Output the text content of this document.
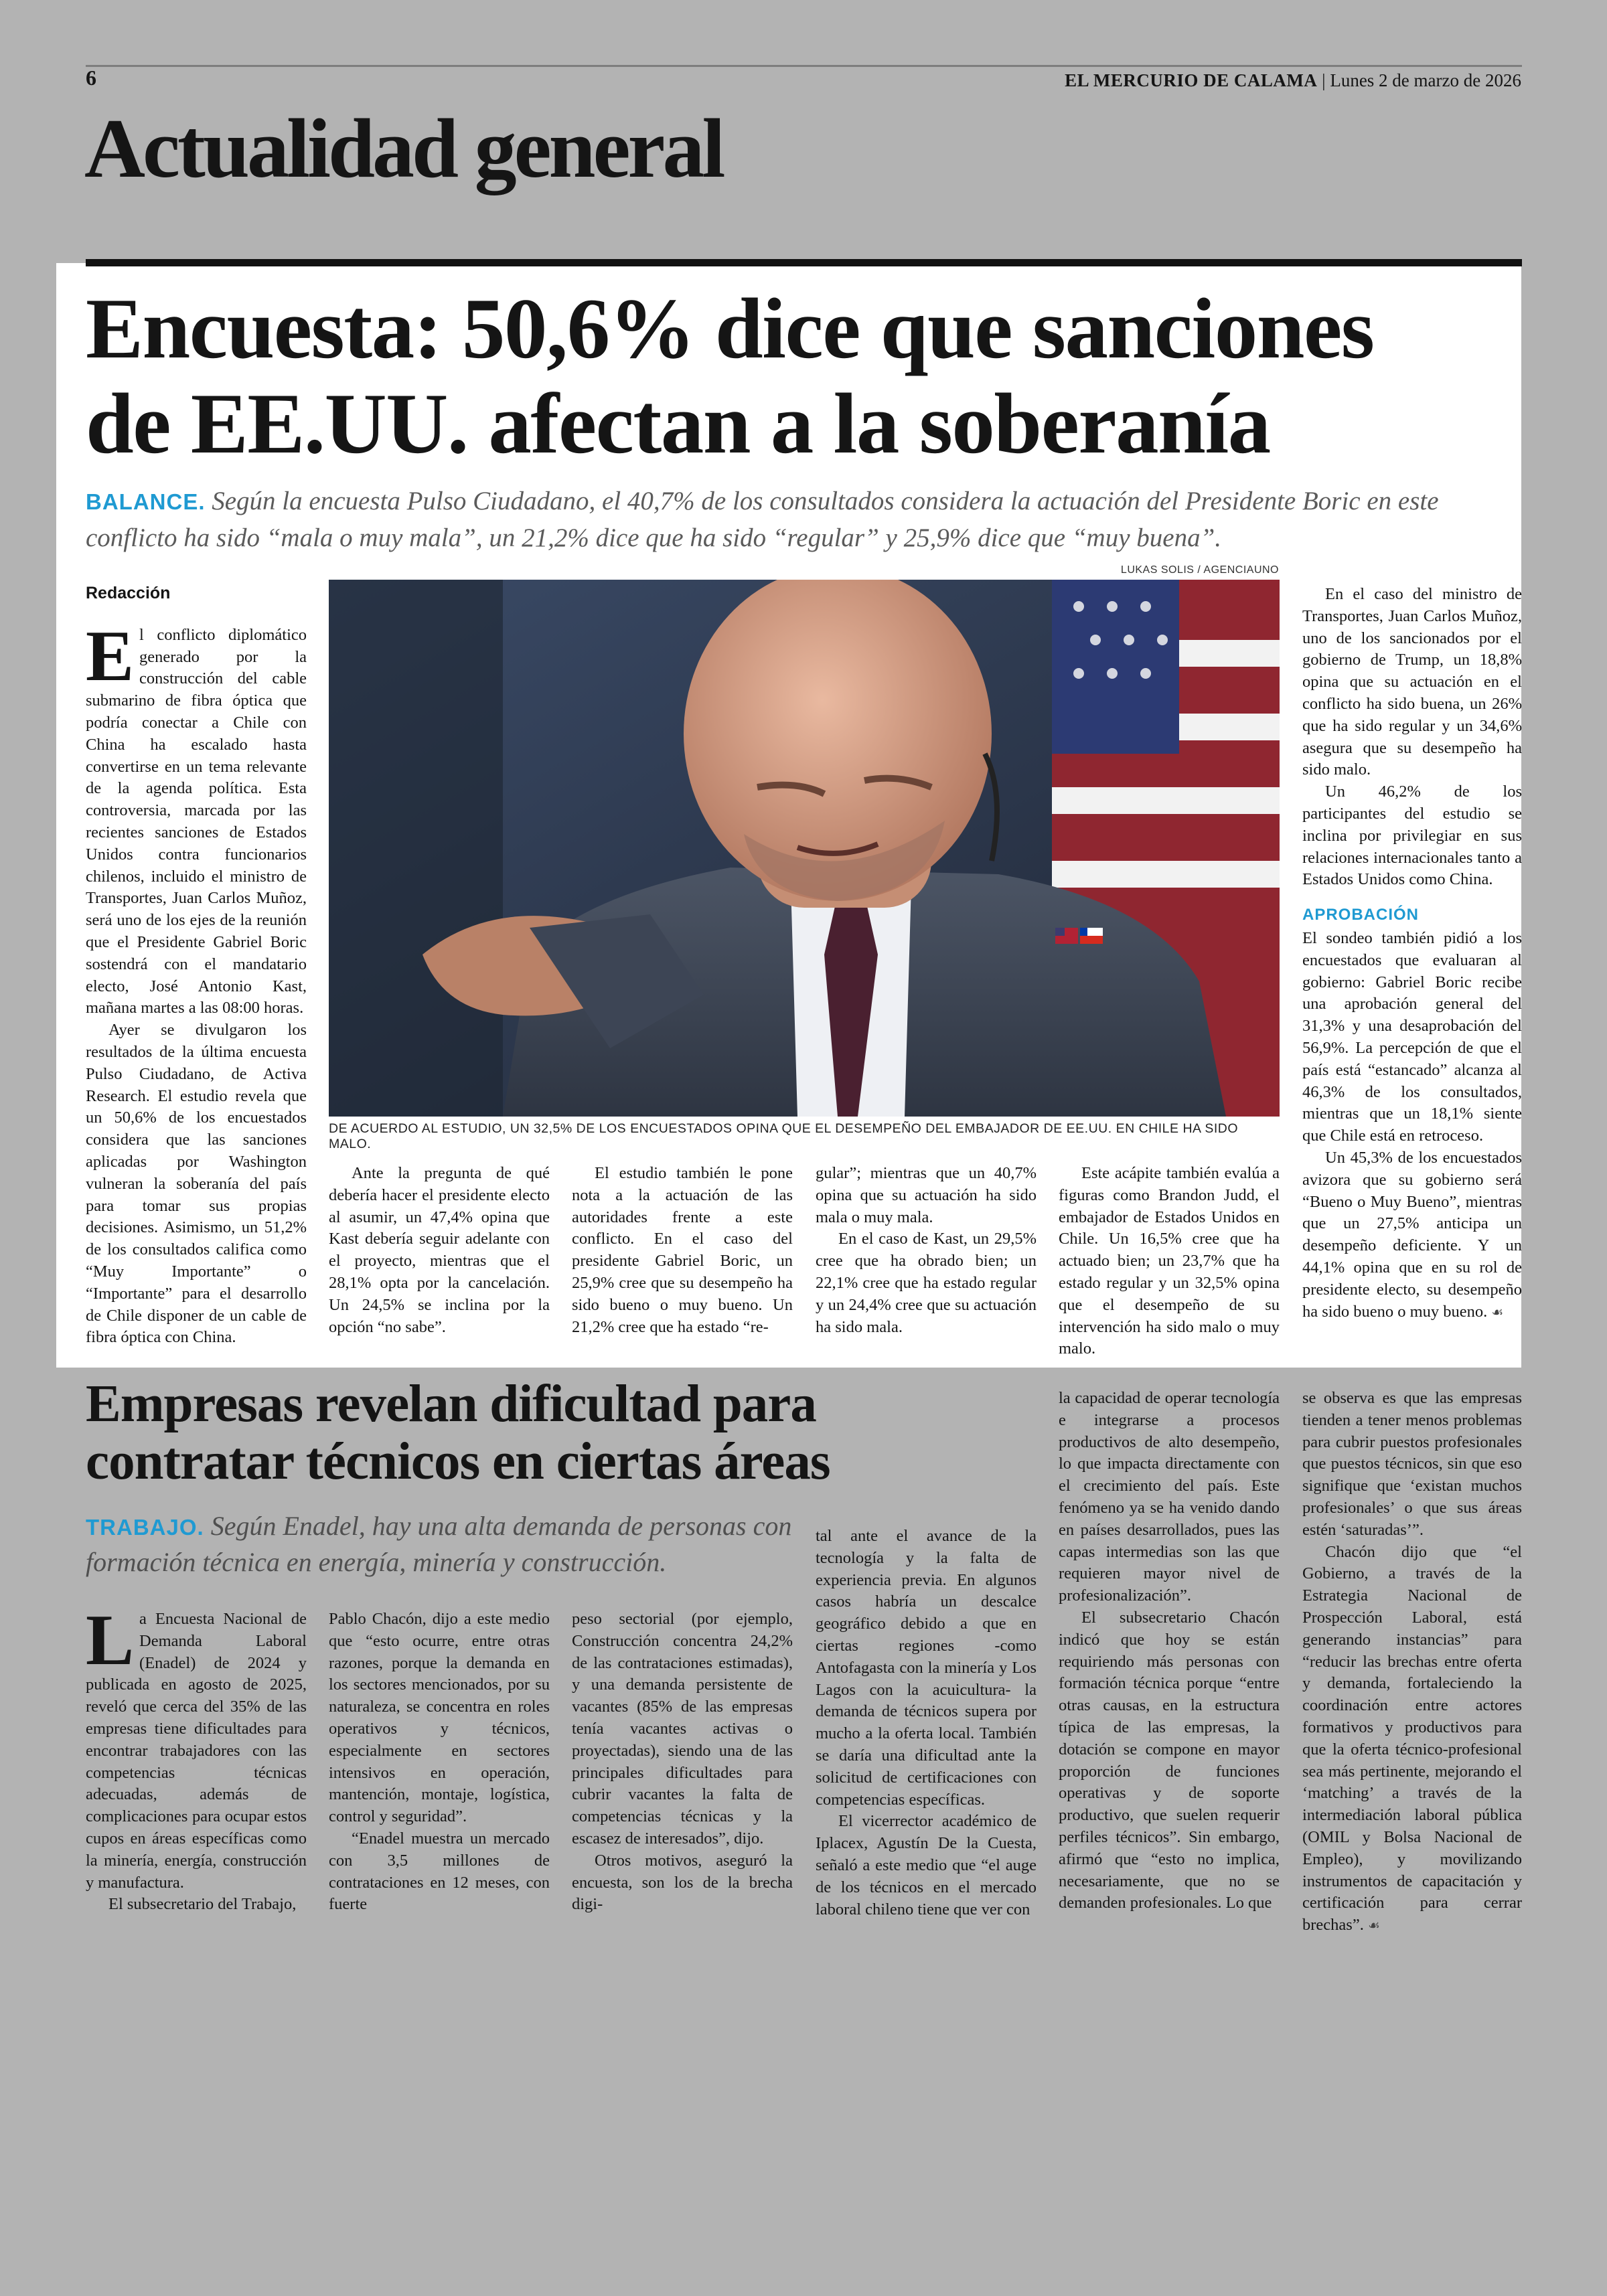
6	EL MERCURIO DE CALAMA | Lunes 2 de marzo de 2026
Actualidad general
Encuesta: 50,6% dice que sanciones
de EE.UU. afectan a la soberanía
BALANCE. Según la encuesta Pulso Ciudadano, el 40,7% de los consultados considera la actuación del Presidente Boric en este conflicto ha sido “mala o muy mala”, un 21,2% dice que ha sido “regular” y 25,9% dice que “muy buena”.
LUKAS SOLIS / AGENCIAUNO
DE ACUERDO AL ESTUDIO, UN 32,5% DE LOS ENCUESTADOS OPINA QUE EL DESEMPEÑO DEL EMBAJADOR DE EE.UU. EN CHILE HA SIDO MALO.
Redacción

El conflicto diplomático generado por la construcción del cable submarino de fibra óptica que podría conectar a Chile con China ha escalado hasta convertirse en un tema relevante de la agenda política. Esta controversia, marcada por las recientes sanciones de Estados Unidos contra funcionarios chilenos, incluido el ministro de Transportes, Juan Carlos Muñoz, será uno de los ejes de la reunión que el Presidente Gabriel Boric sostendrá con el mandatario electo, José Antonio Kast, mañana martes a las 08:00 horas.

Ayer se divulgaron los resultados de la última encuesta Pulso Ciudadano, de Activa Research. El estudio revela que un 50,6% de los encuestados considera que las sanciones aplicadas por Washington vulneran la soberanía del país para tomar sus propias decisiones. Asimismo, un 51,2% de los consultados califica como “Muy Importante” o “Importante” para el desarrollo de Chile disponer de un cable de fibra óptica con China.

Ante la pregunta de qué debería hacer el presidente electo al asumir, un 47,4% opina que Kast debería seguir adelante con el proyecto, mientras que el 28,1% opta por la cancelación. Un 24,5% se inclina por la opción “no sabe”.

El estudio también le pone nota a la actuación de las autoridades frente a este conflicto. En el caso del presidente Gabriel Boric, un 25,9% cree que su desempeño ha sido bueno o muy bueno. Un 21,2% cree que ha estado “re-

gular”; mientras que un 40,7% opina que su actuación ha sido mala o muy mala.

En el caso de Kast, un 29,5% cree que ha obrado bien; un 22,1% cree que ha estado regular y un 24,4% cree que su actuación ha sido mala.

Este acápite también evalúa a figuras como Brandon Judd, el embajador de Estados Unidos en Chile. Un 16,5% cree que ha actuado bien; un 23,7% que ha estado regular y un 32,5% opina que el desempeño de su intervención ha sido malo o muy malo.

En el caso del ministro de Transportes, Juan Carlos Muñoz, uno de los sancionados por el gobierno de Trump, un 18,8% opina que su actuación en el conflicto ha sido buena, un 26% que ha sido regular y un 34,6% asegura que su desempeño ha sido malo.

Un 46,2% de los participantes del estudio se inclina por privilegiar en sus relaciones internacionales tanto a Estados Unidos como China.

APROBACIÓN

El sondeo también pidió a los encuestados que evaluaran al gobierno: Gabriel Boric recibe una aprobación general del 31,3% y una desaprobación del 56,9%. La percepción de que el país está “estancado” alcanza al 46,3% de los consultados, mientras que un 18,1% siente que Chile está en retroceso.

Un 45,3% de los encuestados avizora que su gobierno será “Bueno o Muy Bueno”, mientras que un 27,5% anticipa un desempeño deficiente. Y un 44,1% opina que en su rol de presidente electo, su desempeño ha sido bueno o muy bueno. ☙

Empresas revelan dificultad para
contratar técnicos en ciertas áreas
TRABAJO. Según Enadel, hay una alta demanda de personas con formación técnica en energía, minería y construcción.

La Encuesta Nacional de Demanda Laboral (Enadel) de 2024 y publicada en agosto de 2025, reveló que cerca del 35% de las empresas tiene dificultades para encontrar trabajadores con las competencias técnicas adecuadas, además de complicaciones para ocupar estos cupos en áreas específicas como la minería, energía, construcción y manufactura.

El subsecretario del Trabajo,

Pablo Chacón, dijo a este medio que “esto ocurre, entre otras razones, porque la demanda en los sectores mencionados, por su naturaleza, se concentra en roles operativos y técnicos, especialmente en sectores intensivos en operación, mantención, montaje, logística, control y seguridad”.

“Enadel muestra un mercado con 3,5 millones de contrataciones en 12 meses, con fuerte

peso sectorial (por ejemplo, Construcción concentra 24,2% de las contrataciones estimadas), y una demanda persistente de vacantes (85% de las empresas tenía vacantes activas o proyectadas), siendo una de las principales dificultades para cubrir vacantes la falta de competencias técnicas y la escasez de interesados”, dijo.

Otros motivos, aseguró la encuesta, son los de la brecha digi-

tal ante el avance de la tecnología y la falta de experiencia previa. En algunos casos habría un descalce geográfico debido a que en ciertas regiones -como Antofagasta con la minería y Los Lagos con la acuicultura- la demanda de técnicos supera por mucho a la oferta local. También se daría una dificultad ante la solicitud de certificaciones con competencias específicas.

El vicerrector académico de Iplacex, Agustín De la Cuesta, señaló a este medio que “el auge de los técnicos en el mercado laboral chileno tiene que ver con

la capacidad de operar tecnología e integrarse a procesos productivos de alto desempeño, lo que impacta directamente con el crecimiento del país. Este fenómeno ya se ha venido dando en países desarrollados, pues las capas intermedias son las que requieren mayor nivel de profesionalización”.

El subsecretario Chacón indicó que hoy se están requiriendo más personas con formación técnica porque “entre otras causas, en la estructura típica de las empresas, la dotación se compone en mayor proporción de funciones operativas y de soporte productivo, que suelen requerir perfiles técnicos”. Sin embargo, afirmó que “esto no implica, necesariamente, que no se demanden profesionales. Lo que

se observa es que las empresas tienden a tener menos problemas para cubrir puestos profesionales que puestos técnicos, sin que eso signifique que ‘existan muchos profesionales’ o que sus áreas estén ‘saturadas’”.

Chacón dijo que “el Gobierno, a través de la Estrategia Nacional de Prospección Laboral, está generando instancias” para “reducir las brechas entre oferta y demanda, fortaleciendo la coordinación entre actores formativos y productivos para que la oferta técnico-profesional sea más pertinente, mejorando el ‘matching’ a través de la intermediación laboral pública (OMIL y Bolsa Nacional de Empleo), y movilizando instrumentos de capacitación y certificación para cerrar brechas”. ☙
